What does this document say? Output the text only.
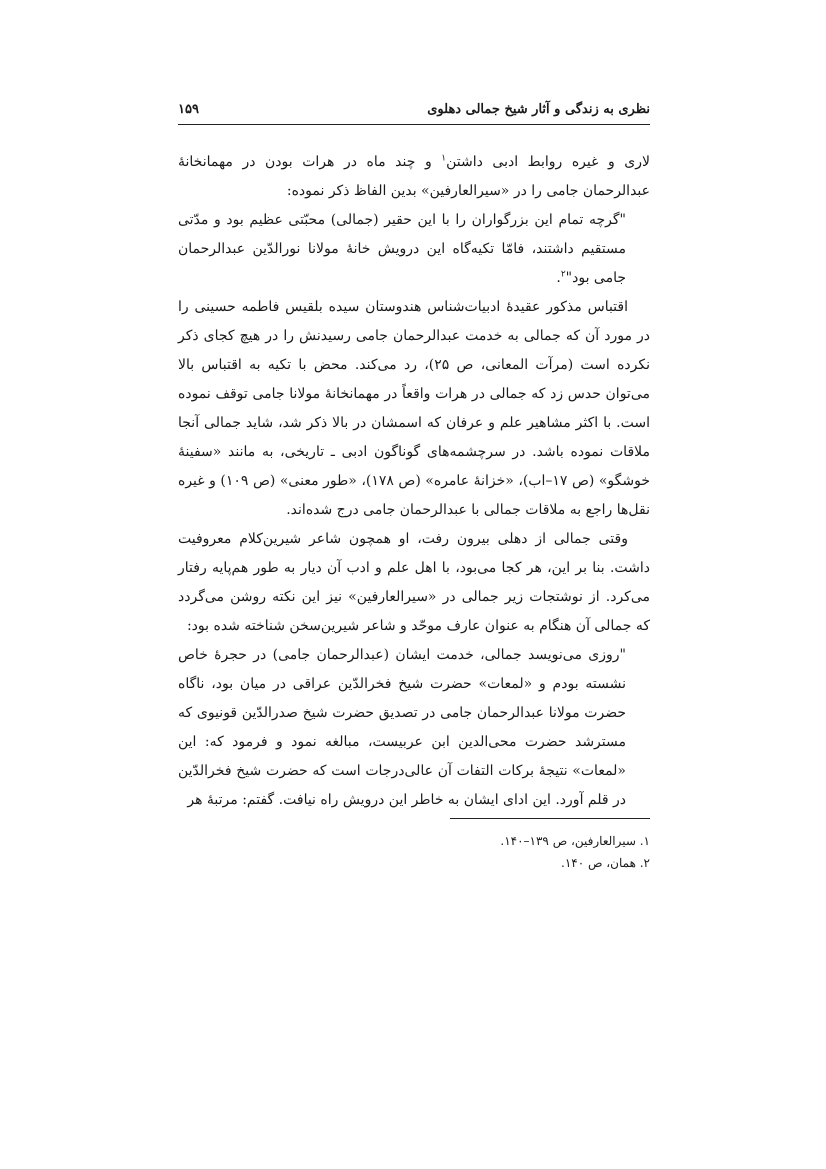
نظری به زندگی و آثار شیخ جمالی دهلوی
۱۵۹

لاری و غیره روابط ادبی داشتن$^۱$ و چند ماه در هرات بودن در مهمانخانهٔ عبدالرحمان جامی را در «سیرالعارفین» بدین الفاظ ذکر نموده:

"گرچه تمام این بزرگواران را با این حقیر (جمالی) محبّتی عظیم بود و مدّتی مستقیم داشتند، فامّا تکیه‌گاه این درویش خانهٔ مولانا نورالدّین عبدالرحمان جامی بود"$^۲$.

اقتباس مذکور عقیدهٔ ادبیات‌شناس هندوستان سیده بلقیس فاطمه حسینی را در مورد آن که جمالی به خدمت عبدالرحمان جامی رسیدنش را در هیچ کجای ذکر نکرده است (مرآت المعانی، ص ۲۵)، رد می‌کند. محض با تکیه به اقتباس بالا می‌توان حدس زد که جمالی در هرات واقعاً در مهمانخانهٔ مولانا جامی توقف نموده است. با اکثر مشاهیر علم و عرفان که اسمشان در بالا ذکر شد، شاید جمالی آنجا ملاقات نموده باشد. در سرچشمه‌های گوناگون ادبی ـ تاریخی، به مانند «سفینهٔ خوشگو» (ص ۱۷–اب)، «خزانهٔ عامره» (ص ۱۷۸)، «طور معنی» (ص ۱۰۹) و غیره نقل‌ها راجع به ملاقات جمالی با عبدالرحمان جامی درج شده‌اند.

وقتی جمالی از دهلی بیرون رفت، او همچون شاعر شیرین‌کلام معروفیت داشت. بنا بر این، هر کجا می‌بود، با اهل علم و ادب آن دیار به طور هم‌پایه رفتار می‌کرد. از نوشتجات زیر جمالی در «سیرالعارفین» نیز این نکته روشن می‌گردد که جمالی آن هنگام به عنوان عارف موحّد و شاعر شیرین‌سخن شناخته شده بود:

"روزی می‌نویسد جمالی، خدمت ایشان (عبدالرحمان جامی) در حجرهٔ خاص نشسته بودم و «لمعات» حضرت شیخ فخرالدّین عراقی در میان بود، ناگاه حضرت مولانا عبدالرحمان جامی در تصدیق حضرت شیخ صدرالدّین قونیوی که مسترشد حضرت محی‌الدین ابن عربیست، مبالغه نمود و فرمود که: این «لمعات» نتیجهٔ برکات التفات آن عالی‌درجات است که حضرت شیخ فخرالدّین در قلم آورد. این ادای ایشان به خاطر این درویش راه نیافت. گفتم: مرتبهٔ هر

۱. سیرالعارفین، ص ۱۳۹–۱۴۰.
۲. همان، ص ۱۴۰.
